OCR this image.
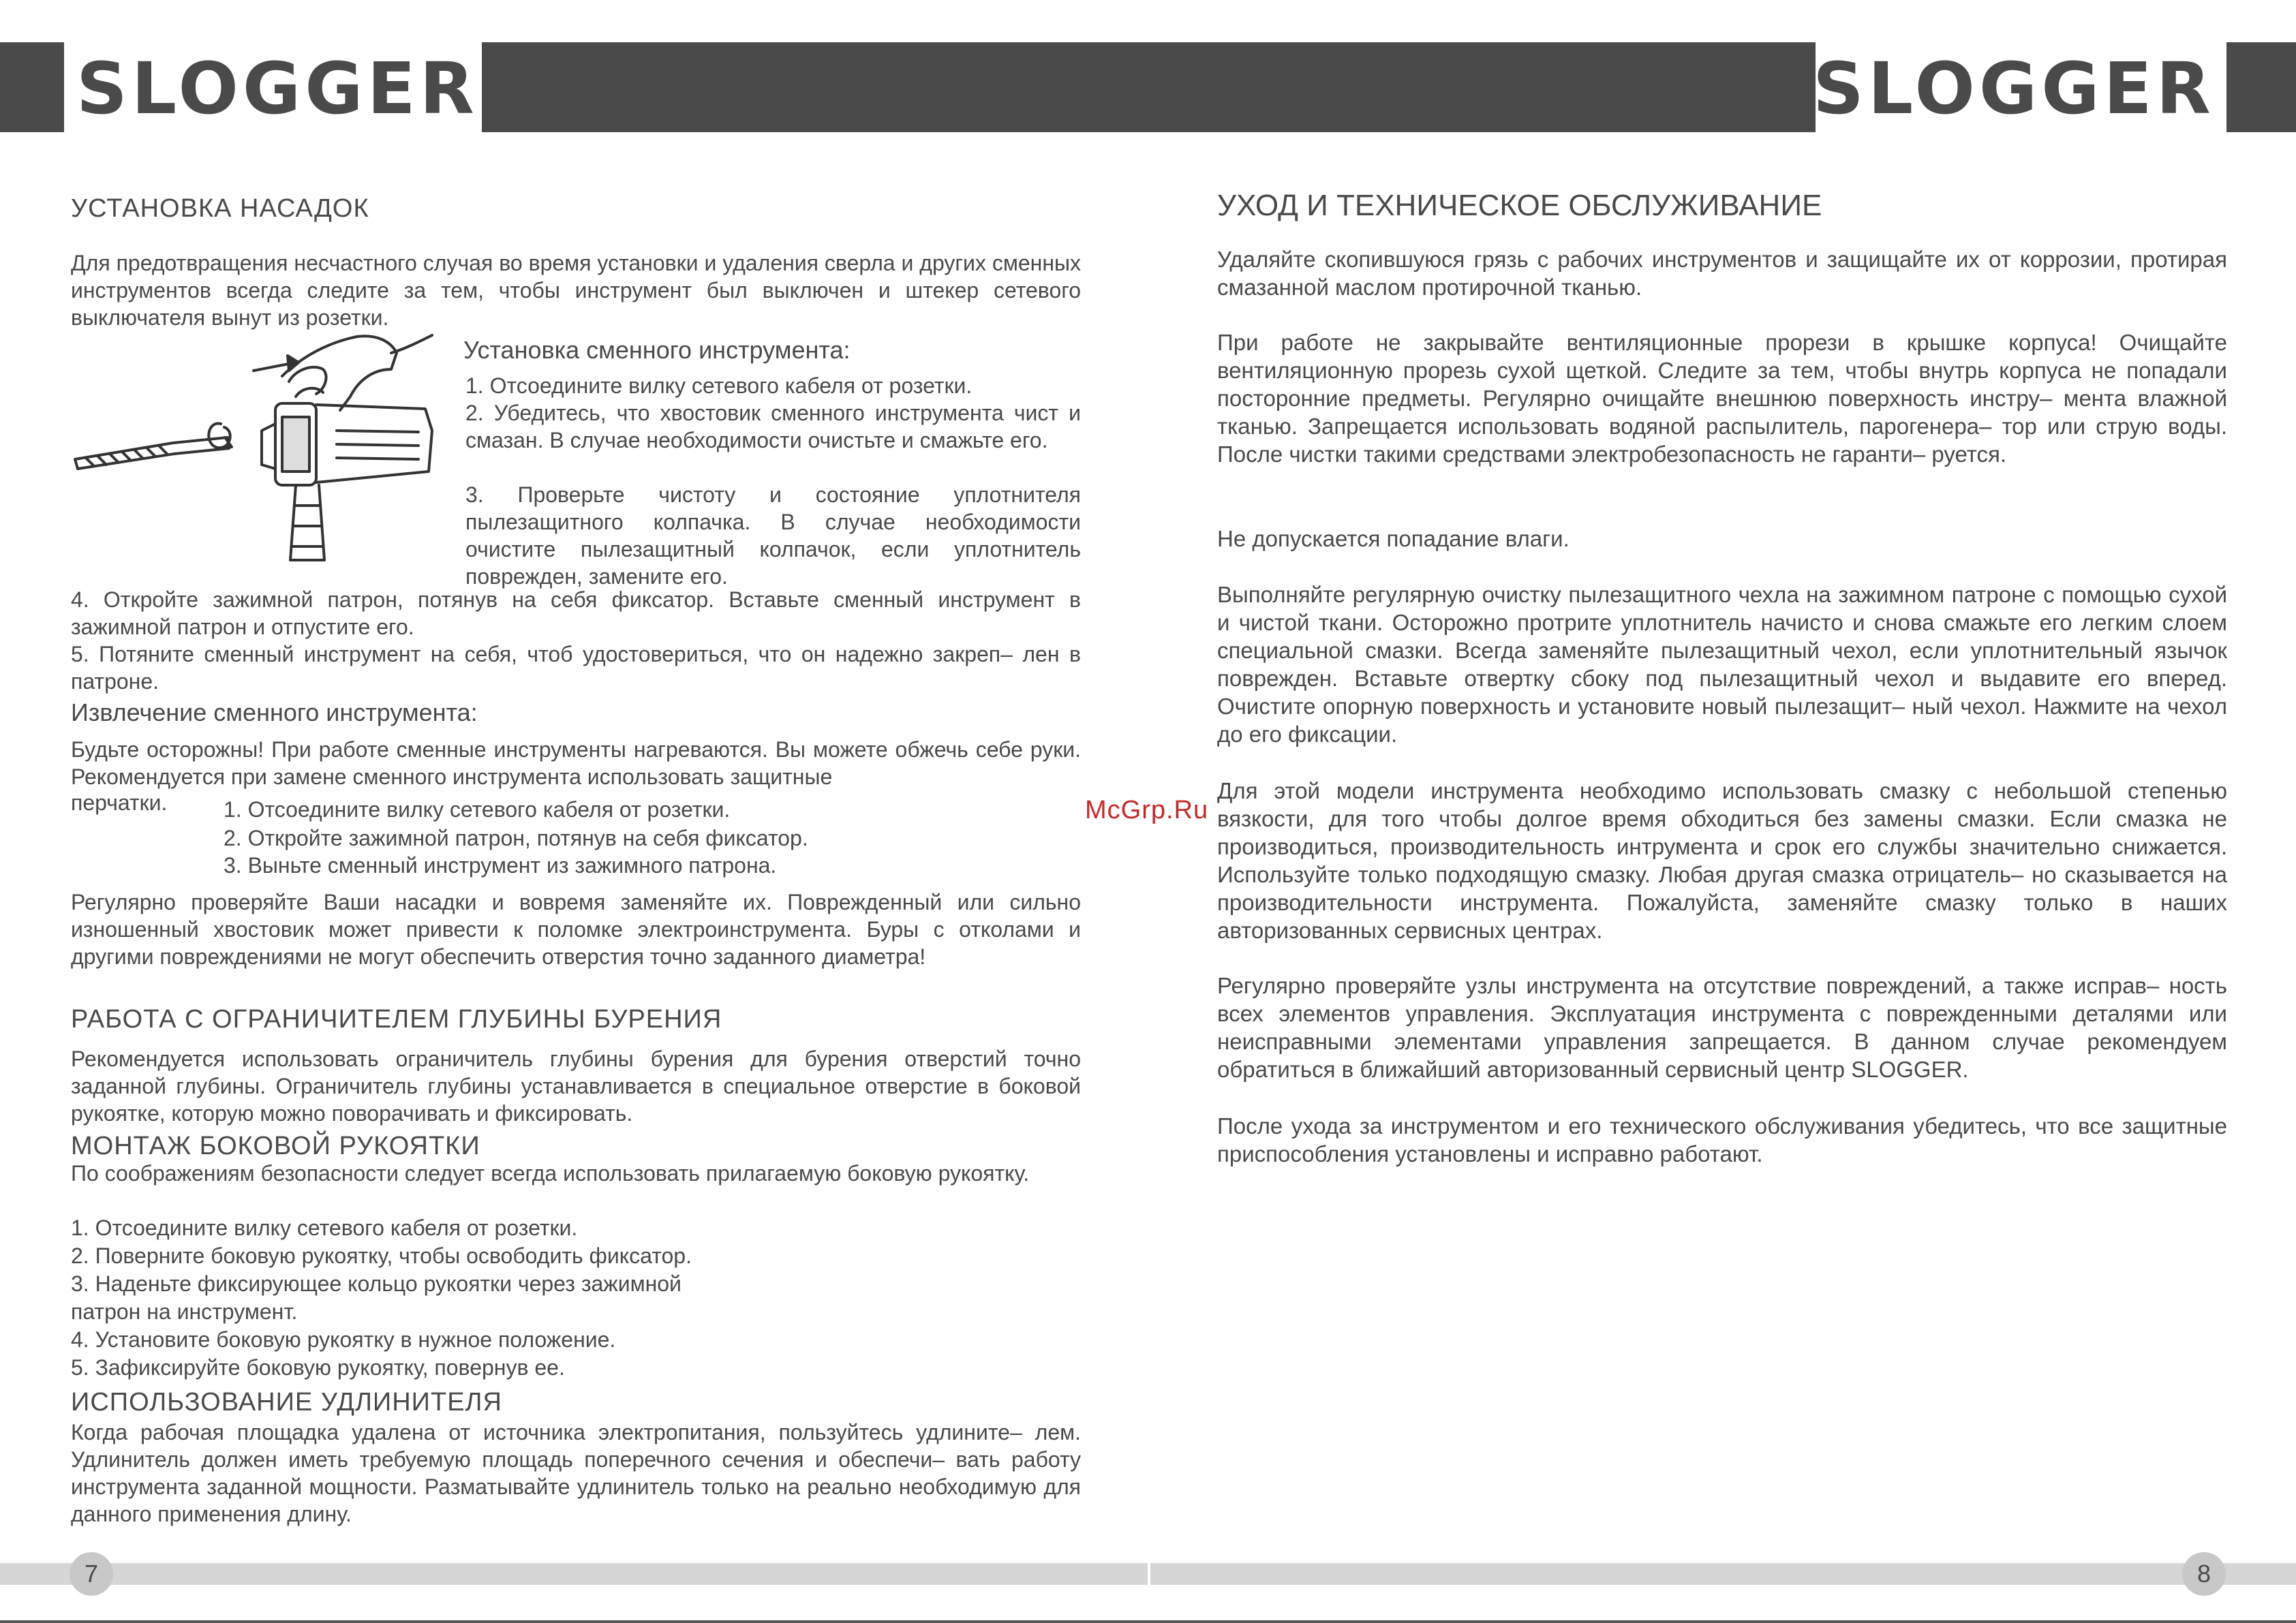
SLOGGER	SLOGGER
УСТАНОВКА НАСАДОК

Для предотвращения несчастного случая во время установки и удаления сверла и других сменных инструментов всегда следите за тем, чтобы инструмент был выключен и штекер сетевого выключателя вынут из розетки.

Установка сменного инструмента:

1. Отсоедините вилку сетевого кабеля от розетки.

2. Убедитесь, что хвостовик сменного инструмента чист и смазан. В случае необходимости очистьте и смажьте его.

3. Проверьте чистоту и состояние уплотнителя пылезащитного колпачка. В случае необходимости очистите пылезащитный колпачок, если уплотнитель поврежден, замените его.

4. Откройте зажимной патрон, потянув на себя фиксатор. Вставьте сменный инструмент в зажимной патрон и отпустите его.

5. Потяните сменный инструмент на себя, чтоб удостовериться, что он надежно закреп– лен в патроне.

Извлечение сменного инструмента:

Будьте осторожны! При работе сменные инструменты нагреваются. Вы можете обжечь себе руки. Рекомендуется при замене сменного инструмента использовать защитные

перчатки.	1. Отсоедините вилку сетевого кабеля от розетки.
2. Откройте зажимной патрон, потянув на себя фиксатор.
3. Выньте сменный инструмент из зажимного патрона.

Регулярно проверяйте Ваши насадки и вовремя заменяйте их. Поврежденный или сильно изношенный хвостовик может привести к поломке электроинструмента. Буры с отколами и другими повреждениями не могут обеспечить отверстия точно заданного диаметра!

РАБОТА С ОГРАНИЧИТЕЛЕМ ГЛУБИНЫ БУРЕНИЯ

Рекомендуется использовать ограничитель глубины бурения для бурения отверстий точно заданной глубины. Ограничитель глубины устанавливается в специальное отверстие в боковой рукоятке, которую можно поворачивать и фиксировать.

МОНТАЖ БОКОВОЙ РУКОЯТКИ

По соображениям безопасности следует всегда использовать прилагаемую боковую рукоятку.

1. Отсоедините вилку сетевого кабеля от розетки.
2. Поверните боковую рукоятку, чтобы освободить фиксатор.
3. Наденьте фиксирующее кольцо рукоятки через зажимной
патрон на инструмент.
4. Установите боковую рукоятку в нужное положение.
5. Зафиксируйте боковую рукоятку, повернув ее.
ИСПОЛЬЗОВАНИЕ УДЛИНИТЕЛЯ

Когда рабочая площадка удалена от источника электропитания, пользуйтесь удлините– лем. Удлинитель должен иметь требуемую площадь поперечного сечения и обеспечи– вать работу инструмента заданной мощности. Разматывайте удлинитель только на реально необходимую для данного применения длину.

McGrp.Ru
УХОД И ТЕХНИЧЕСКОЕ ОБСЛУЖИВАНИЕ

Удаляйте скопившуюся грязь с рабочих инструментов и защищайте их от коррозии, протирая смазанной маслом протирочной тканью.

При работе не закрывайте вентиляционные прорези в крышке корпуса! Очищайте вентиляционную прорезь сухой щеткой. Следите за тем, чтобы внутрь корпуса не попадали посторонние предметы. Регулярно очищайте внешнюю поверхность инстру– мента влажной тканью. Запрещается использовать водяной распылитель, парогенера– тор или струю воды. После чистки такими средствами электробезопасность не гаранти– руется.

Не допускается попадание влаги.

Выполняйте регулярную очистку пылезащитного чехла на зажимном патроне с помощью сухой и чистой ткани. Осторожно протрите уплотнитель начисто и снова смажьте его легким слоем специальной смазки. Всегда заменяйте пылезащитный чехол, если уплотнительный язычок поврежден. Вставьте отвертку сбоку под пылезащитный чехол и выдавите его вперед. Очистите опорную поверхность и установите новый пылезащит– ный чехол. Нажмите на чехол до его фиксации.

Для этой модели инструмента необходимо использовать смазку с небольшой степенью вязкости, для того чтобы долгое время обходиться без замены смазки. Если смазка не производиться, производительность интрумента и срок его службы значительно снижается. Используйте только подходящую смазку. Любая другая смазка отрицатель– но сказывается на производительности инструмента. Пожалуйста, заменяйте смазку только в наших авторизованных сервисных центрах.

Регулярно проверяйте узлы инструмента на отсутствие повреждений, а также исправ– ность всех элементов управления. Эксплуатация инструмента с поврежденными деталями или неисправными элементами управления запрещается. В данном случае рекомендуем обратиться в ближайший авторизованный сервисный центр SLOGGER.

После ухода за инструментом и его технического обслуживания убедитесь, что все защитные приспособления установлены и исправно работают.

7	8
